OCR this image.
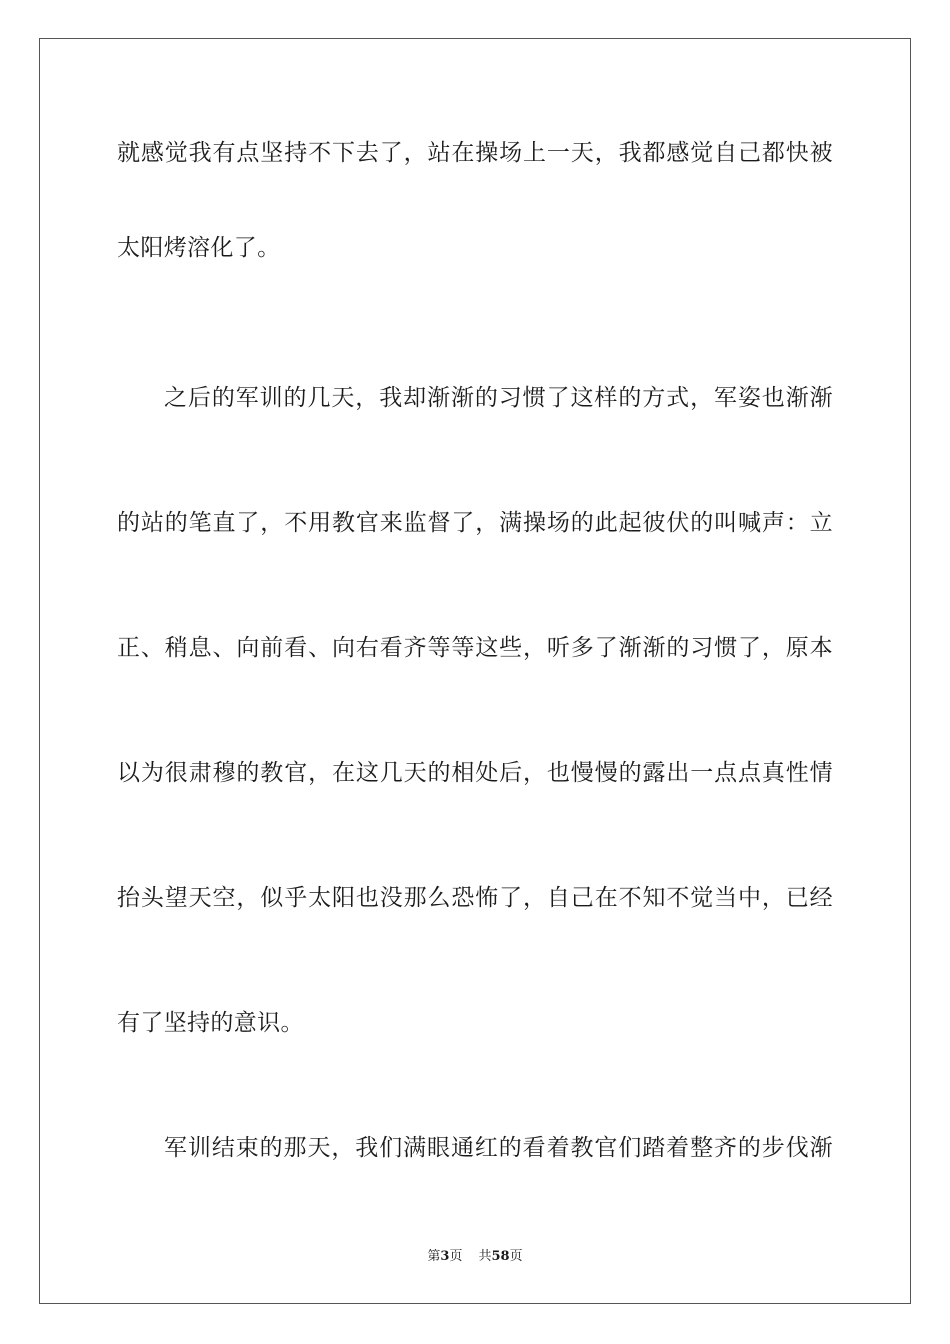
就感觉我有点坚持不下去了，站在操场上一天，我都感觉自己都快被
太阳烤溶化了。
之后的军训的几天，我却渐渐的习惯了这样的方式，军姿也渐渐
的站的笔直了，不用教官来监督了，满操场的此起彼伏的叫喊声：立
正、稍息、向前看、向右看齐等等这些，听多了渐渐的习惯了，原本
以为很肃穆的教官，在这几天的相处后，也慢慢的露出一点点真性情
抬头望天空，似乎太阳也没那么恐怖了，自己在不知不觉当中，已经
有了坚持的意识。
军训结束的那天，我们满眼通红的看着教官们踏着整齐的步伐渐
第3页 共58页
